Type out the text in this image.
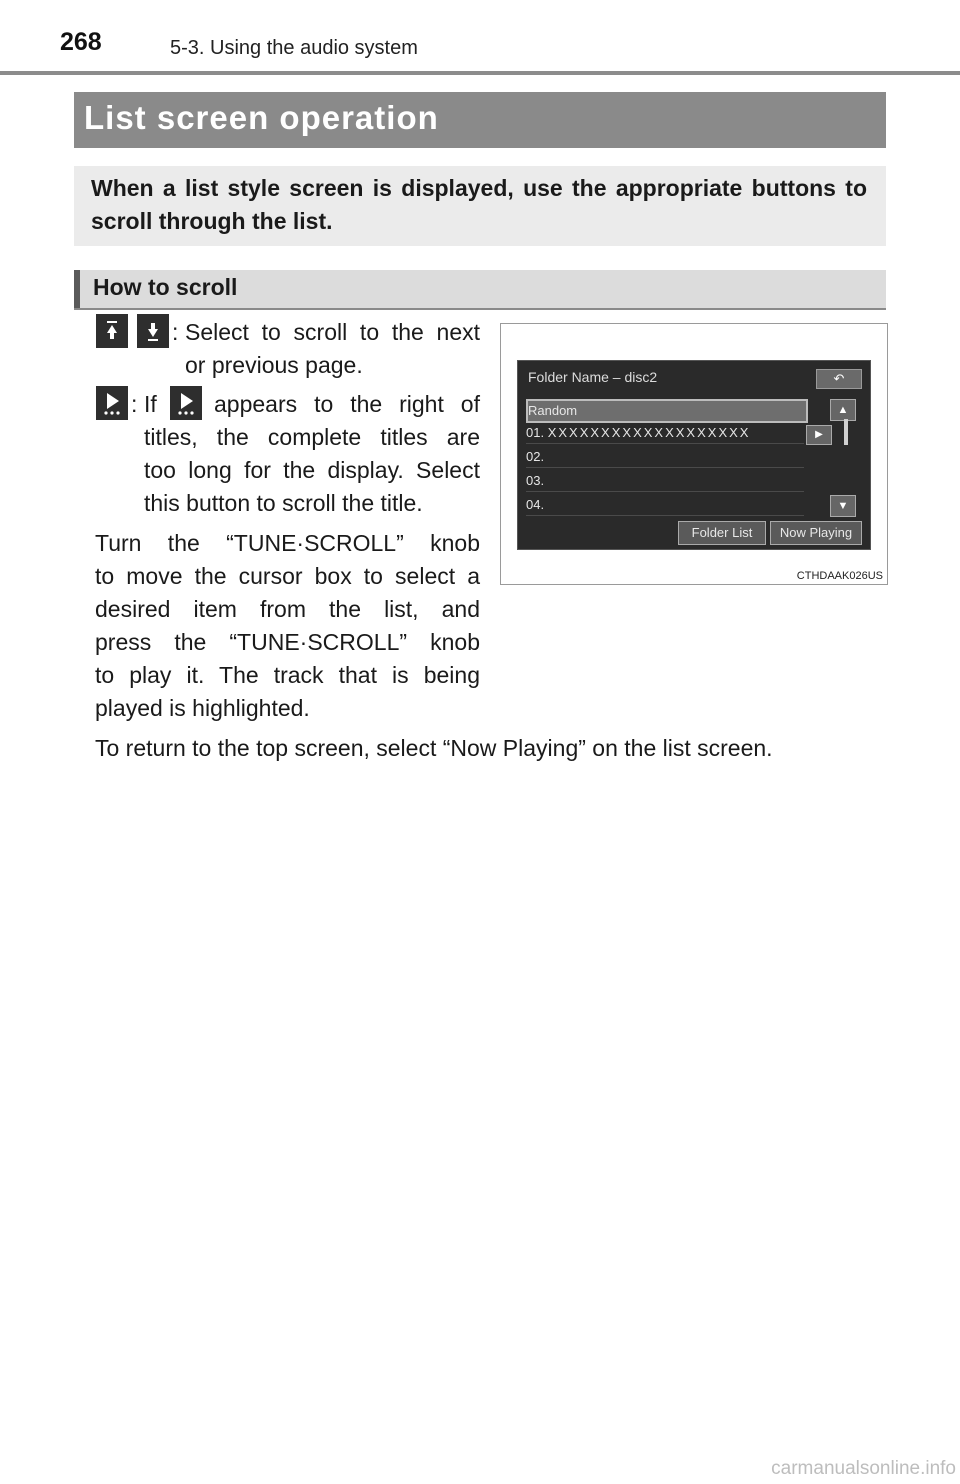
268	5-3. Using the audio system
List screen operation
When a list style screen is displayed, use the appropriate buttons to scroll through the list.
How to scroll
: Select to scroll to the next
or previous page.
: If appears to the right of
titles, the complete titles are
too long for the display. Select
this button to scroll the title.
Turn the “TUNE·SCROLL” knob
to move the cursor box to select a
desired item from the list, and
press the “TUNE·SCROLL” knob
to play it. The track that is being
played is highlighted.
To return to the top screen, select “Now Playing” on the list screen.
Folder Name – disc2	↶
Random
01. XXXXXXXXXXXXXXXXXXX
02.
03.
04.
▶
▲
▼
Folder List	Now Playing
CTHDAAK026US
carmanualsonline.info
